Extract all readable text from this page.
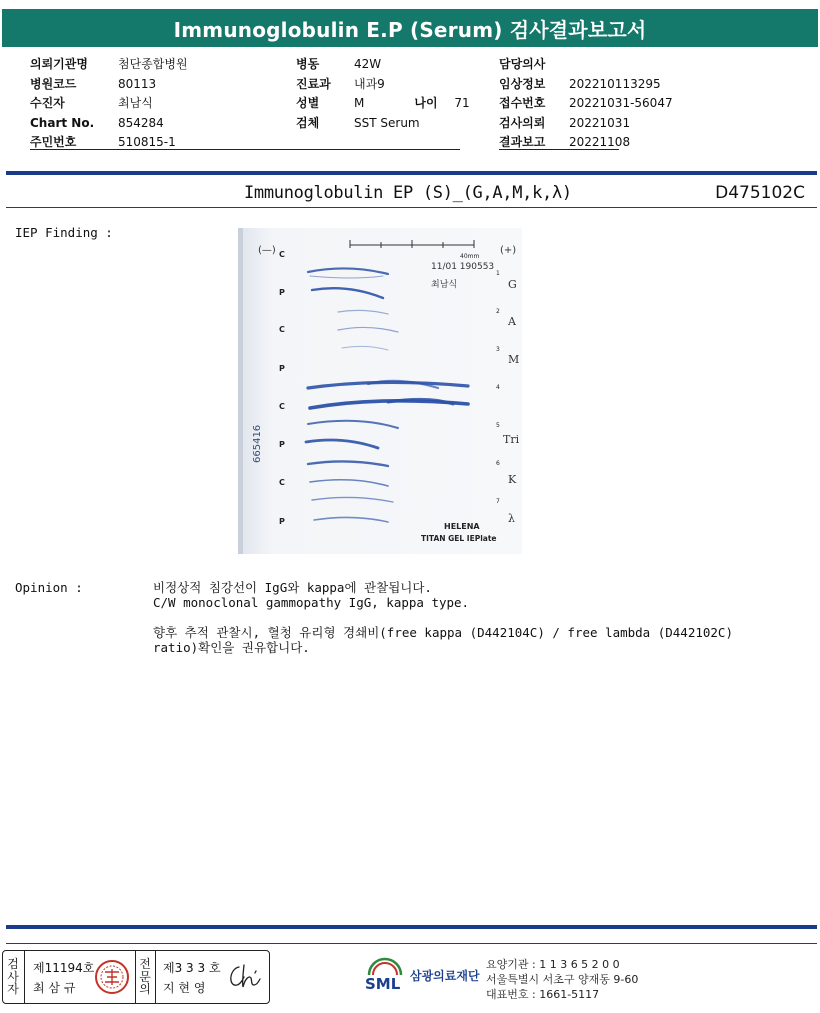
Immunoglobulin E.P (Serum) 검사결과보고서
의뢰기관명	첨단종합병원
병원코드	80113
수진자	최남식
Chart No.	854284
주민번호	510815-1
병동	42W
진료과	내과9
성별	M	나이	71
검체	SST Serum
담당의사
임상정보	202210113295
접수번호	20221031-56047
검사의뢰	20221031
결과보고	20221108
Immunoglobulin EP (S)_(G,A,M,k,λ)	D475102C
IEP Finding :
(—)	(+)
40mm
11/01 190553
최남식
665416
C
P
C
P
C
P
C
P
1
2
3
4
5
6
7
G
A
M
Tri
K
λ
HELENA
TITAN GEL IEPlate
Opinion :	비정상적 침강선이 IgG와 kappa에 관찰됩니다.

C/W monoclonal gammopathy IgG, kappa type.

향후 추적 관찰시, 혈청 유리형 경쇄비(free kappa (D442104C) / free lambda (D442102C)

ratio)확인을 권유합니다.

검
사
자
제11194호
최 삼 규
전
문
의
제3 3 3 호
지 현 영	SML 삼광의료재단
요양기관 : 1 1 3 6 5 2 0 0
서울특별시 서초구 양재동 9-60
대표번호 : 1661-5117
